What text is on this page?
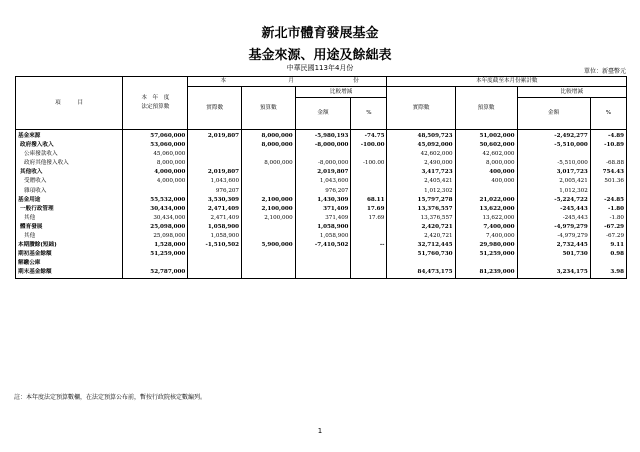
新北市體育發展基金
基金來源、用途及餘絀表
中華民國113年4月份	單位：新臺幣元
項　　　目	本　年　度
法定預算數	本 月 份				本年度截至本月份累計數			
		實際數	預算數	比較增減		實際數	預算數	比較增減	
				金額	%			金額	%
基金來源	57,060,000	2,019,807	8,000,000	-5,980,193	-74.75	48,509,723	51,002,000	-2,492,277	-4.89
政府撥入收入	53,060,000		8,000,000	-8,000,000	-100.00	45,092,000	50,602,000	-5,510,000	-10.89
公庫撥款收入	45,060,000					42,602,000	42,602,000		
政府其他撥入收入	8,000,000		8,000,000	-8,000,000	-100.00	2,490,000	8,000,000	-5,510,000	-68.88
其他收入	4,000,000	2,019,807		2,019,807		3,417,723	400,000	3,017,723	754.43
受贈收入	4,000,000	1,043,600		1,043,600		2,405,421	400,000	2,005,421	501.36
雜項收入		976,207		976,207		1,012,302		1,012,302	
基金用途	55,532,000	3,530,309	2,100,000	1,430,309	68.11	15,797,278	21,022,000	-5,224,722	-24.85
一般行政管理	30,434,000	2,471,409	2,100,000	371,409	17.69	13,376,557	13,622,000	-245,443	-1.80
其他	30,434,000	2,471,409	2,100,000	371,409	17.69	13,376,557	13,622,000	-245,443	-1.80
體育發展	25,098,000	1,058,900		1,058,900		2,420,721	7,400,000	-4,979,279	-67.29
其他	25,098,000	1,058,900		1,058,900		2,420,721	7,400,000	-4,979,279	-67.29
本期賸餘(短絀)	1,528,000	-1,510,502	5,900,000	-7,410,502	--	32,712,445	29,980,000	2,732,445	9.11
期初基金餘額	51,259,000					51,760,730	51,259,000	501,730	0.98
解繳公庫									
期末基金餘額	52,787,000					84,473,175	81,239,000	3,234,175	3.98
註：本年度法定預算數欄，在法定預算公布前，暫按行政院核定數編列。
1
